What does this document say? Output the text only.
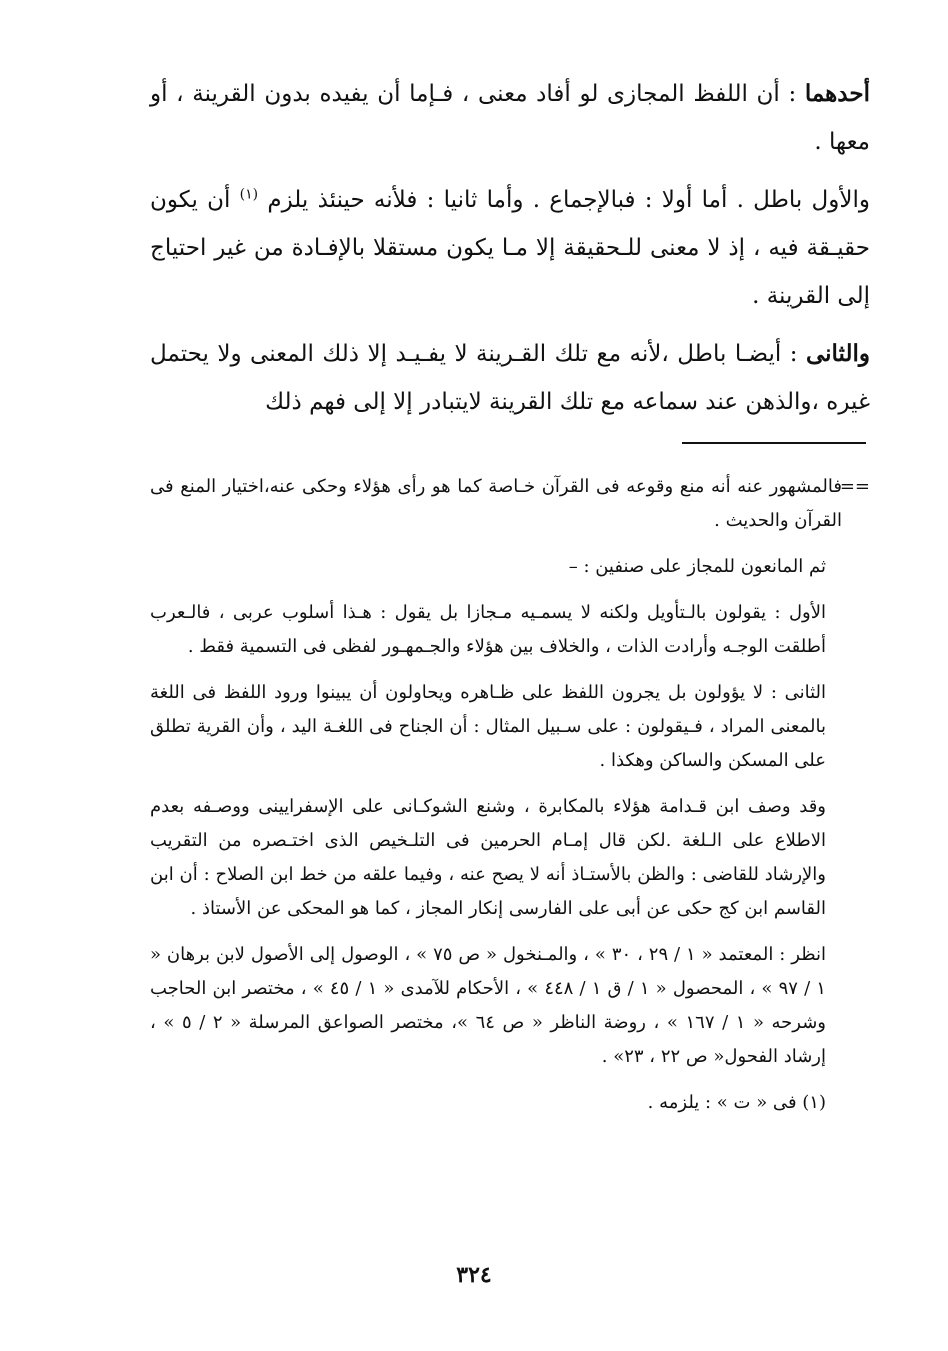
أحدهما : أن اللفظ المجازى لو أفاد معنى ، فـإما أن يفيده بدون القرينة ، أو معها .

والأول باطل . أما أولا : فبالإجماع . وأما ثانيا : فلأنه حينئذ يلزم $^{(١)}$ أن يكون حقيـقة فيه ، إذ لا معنى للـحقيقة إلا مـا يكون مستقلا بالإفـادة من غير احتياج إلى القرينة .

والثانى : أيضـا باطل ،لأنه مع تلك القـرينة لا يفـيـد إلا ذلك المعنى ولا يحتمل غيره ،والذهن عند سماعه مع تلك القرينة لايتبادر إلا إلى فهم ذلك

==فالمشهور عنه أنه منع وقوعه فى القرآن خـاصة كما هو رأى هؤلاء وحكى عنه،اختيار المنع فى القرآن والحديث .

ثم المانعون للمجاز على صنفين : –

الأول : يقولون بالـتأويل ولكنه لا يسمـيه مـجازا بل يقول : هـذا أسلوب عربى ، فالـعرب أطلقت الوجـه وأرادت الذات ، والخلاف بين هؤلاء والجـمهـور لفظى فى التسمية فقط .

الثانى : لا يؤولون بل يجرون اللفظ على ظـاهره ويحاولون أن يبينوا ورود اللفظ فى اللغة بالمعنى المراد ، فـيقولون : على سـبيل المثال : أن الجناح فى اللغـة اليد ، وأن القرية تطلق على المسكن والساكن وهكذا .

وقد وصف ابن قـدامة هؤلاء بالمكابرة ، وشنع الشوكـانى على الإسفرايينى ووصـفه بعدم الاطلاع على الـلغة .لكن قال إمـام الحرمين فى التلـخيص الذى اختـصره من التقريب والإرشاد للقاضى : والظن بالأستـاذ أنه لا يصح عنه ، وفيما علقه من خط ابن الصلاح : أن ابن القاسم ابن كج حكى عن أبى على الفارسى إنكار المجاز ، كما هو المحكى عن الأستاذ .

انظر : المعتمد « ١ / ٢٩ ، ٣٠ » ، والمـنخول « ص ٧٥ » ، الوصول إلى الأصول لابن برهان « ١ / ٩٧ » ، المحصول « ١ / ق ١ / ٤٤٨ » ، الأحكام للآمدى « ١ / ٤٥ » ، مختصر ابن الحاجب وشرحه « ١ / ١٦٧ » ، روضة الناظر « ص ٦٤ »، مختصر الصواعق المرسلة « ٢ / ٥ » ، إرشاد الفحول« ص ٢٢ ، ٢٣» .

(١) فى « ت » : يلزمه .

٣٢٤
